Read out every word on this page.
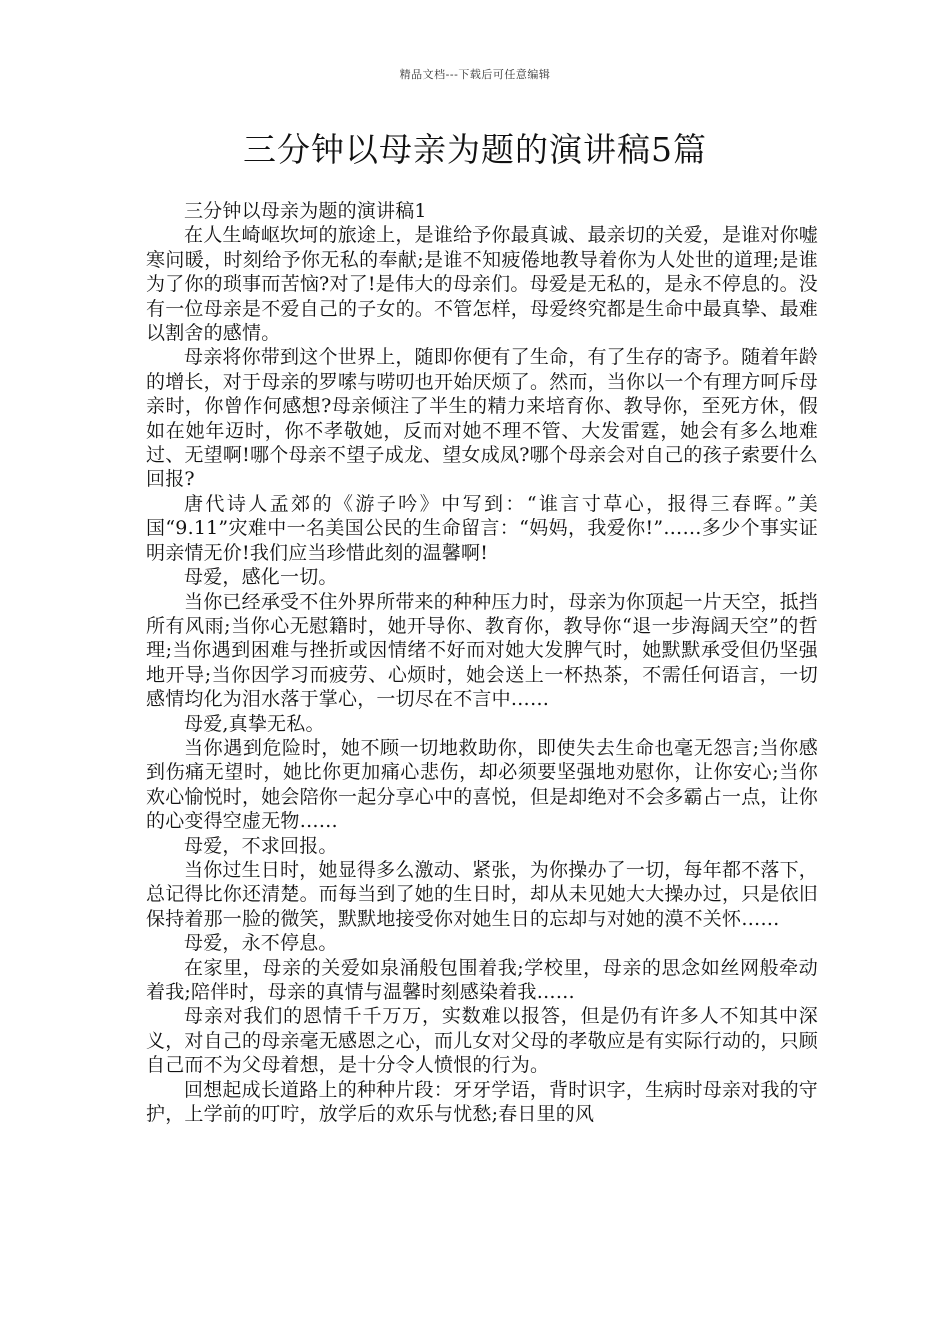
精品文档---下载后可任意编辑
三分钟以母亲为题的演讲稿5篇

三分钟以母亲为题的演讲稿1

在人生崎岖坎坷的旅途上，是谁给予你最真诚、最亲切的关爱，是谁对你嘘寒问暖，时刻给予你无私的奉献;是谁不知疲倦地教导着你为人处世的道理;是谁为了你的琐事而苦恼?对了!是伟大的母亲们。母爱是无私的，是永不停息的。没有一位母亲是不爱自己的子女的。不管怎样，母爱终究都是生命中最真挚、最难以割舍的感情。

母亲将你带到这个世界上，随即你便有了生命，有了生存的寄予。随着年龄的增长，对于母亲的罗嗦与唠叨也开始厌烦了。然而，当你以一个有理方呵斥母亲时，你曾作何感想?母亲倾注了半生的精力来培育你、教导你，至死方休，假如在她年迈时，你不孝敬她，反而对她不理不管、大发雷霆，她会有多么地难过、无望啊!哪个母亲不望子成龙、望女成凤?哪个母亲会对自己的孩子索要什么回报?

唐代诗人孟郊的《游子吟》中写到：“谁言寸草心，报得三春晖。”美国“9.11”灾难中一名美国公民的生命留言：“妈妈，我爱你!”……多少个事实证明亲情无价!我们应当珍惜此刻的温馨啊!

母爱，感化一切。

当你已经承受不住外界所带来的种种压力时，母亲为你顶起一片天空，抵挡所有风雨;当你心无慰籍时，她开导你、教育你，教导你“退一步海阔天空”的哲理;当你遇到困难与挫折或因情绪不好而对她大发脾气时，她默默承受但仍坚强地开导;当你因学习而疲劳、心烦时，她会送上一杯热茶，不需任何语言，一切感情均化为泪水落于掌心，一切尽在不言中……

母爱,真挚无私。

当你遇到危险时，她不顾一切地救助你，即使失去生命也毫无怨言;当你感到伤痛无望时，她比你更加痛心悲伤，却必须要坚强地劝慰你，让你安心;当你欢心愉悦时，她会陪你一起分享心中的喜悦，但是却绝对不会多霸占一点，让你的心变得空虚无物……

母爱，不求回报。

当你过生日时，她显得多么激动、紧张，为你操办了一切，每年都不落下，总记得比你还清楚。而每当到了她的生日时，却从未见她大大操办过，只是依旧保持着那一脸的微笑，默默地接受你对她生日的忘却与对她的漠不关怀……

母爱，永不停息。

在家里，母亲的关爱如泉涌般包围着我;学校里，母亲的思念如丝网般牵动着我;陪伴时，母亲的真情与温馨时刻感染着我……

母亲对我们的恩情千千万万，实数难以报答，但是仍有许多人不知其中深义，对自己的母亲毫无感恩之心，而儿女对父母的孝敬应是有实际行动的，只顾自己而不为父母着想，是十分令人愤恨的行为。

回想起成长道路上的种种片段：牙牙学语，背时识字，生病时母亲对我的守护，上学前的叮咛，放学后的欢乐与忧愁;春日里的风
